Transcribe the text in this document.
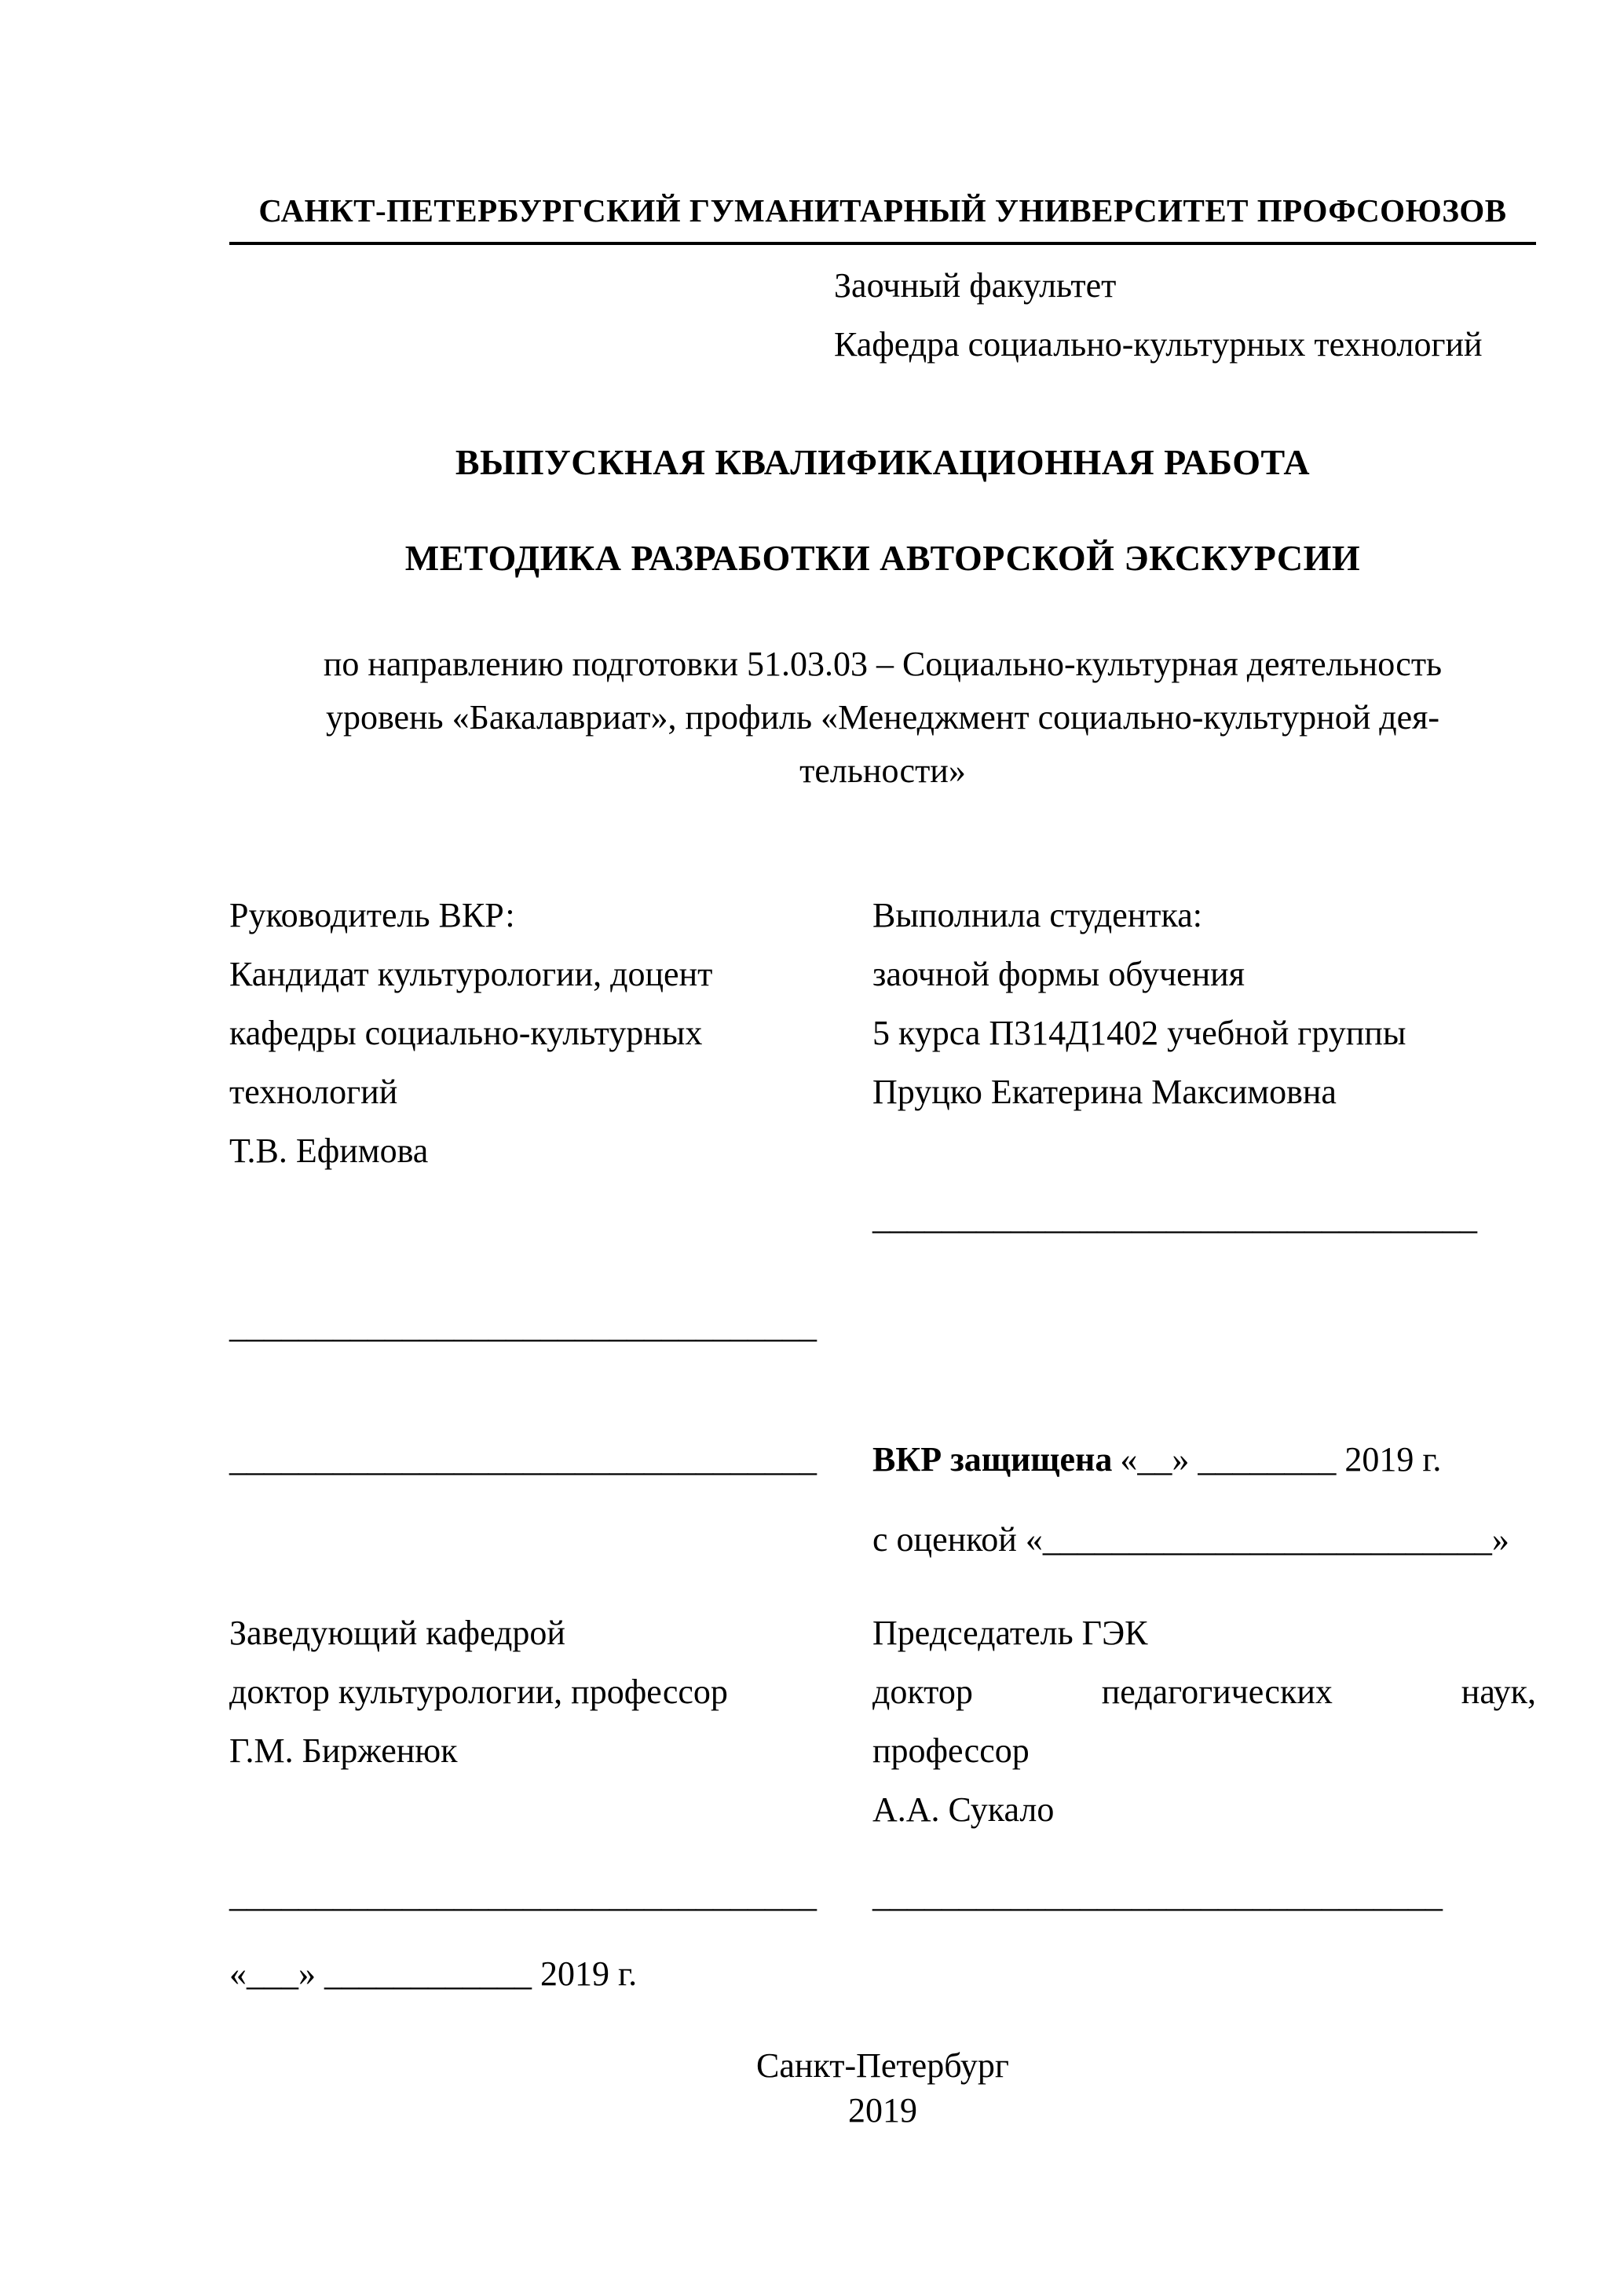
САНКТ-ПЕТЕРБУРГСКИЙ ГУМАНИТАРНЫЙ УНИВЕРСИТЕТ ПРОФСОЮЗОВ
Заочный факультет
Кафедра социально-культурных технологий
ВЫПУСКНАЯ КВАЛИФИКАЦИОННАЯ РАБОТА
МЕТОДИКА РАЗРАБОТКИ АВТОРСКОЙ ЭКСКУРСИИ
по направлению подготовки 51.03.03 – Социально-культурная деятельность
уровень «Бакалавриат», профиль «Менеджмент социально-культурной дея-
тельности»
Руководитель ВКР:
Кандидат культурологии, доцент
кафедры социально-культурных
технологий
Т.В. Ефимова
Выполнила студентка:
заочной формы обучения
5 курса П314Д1402 учебной группы
Пруцко Екатерина Максимовна
___________________________________
__________________________________
__________________________________	ВКР защищена «__» ________ 2019 г.
с оценкой «__________________________»
Заведующий кафедрой
доктор культурологии, профессор
Г.М. Бирженюк
Председатель ГЭК
доктор педагогических наук,
профессор
А.А. Сукало
__________________________________	_________________________________
«___» ____________ 2019 г.
Санкт-Петербург
2019
